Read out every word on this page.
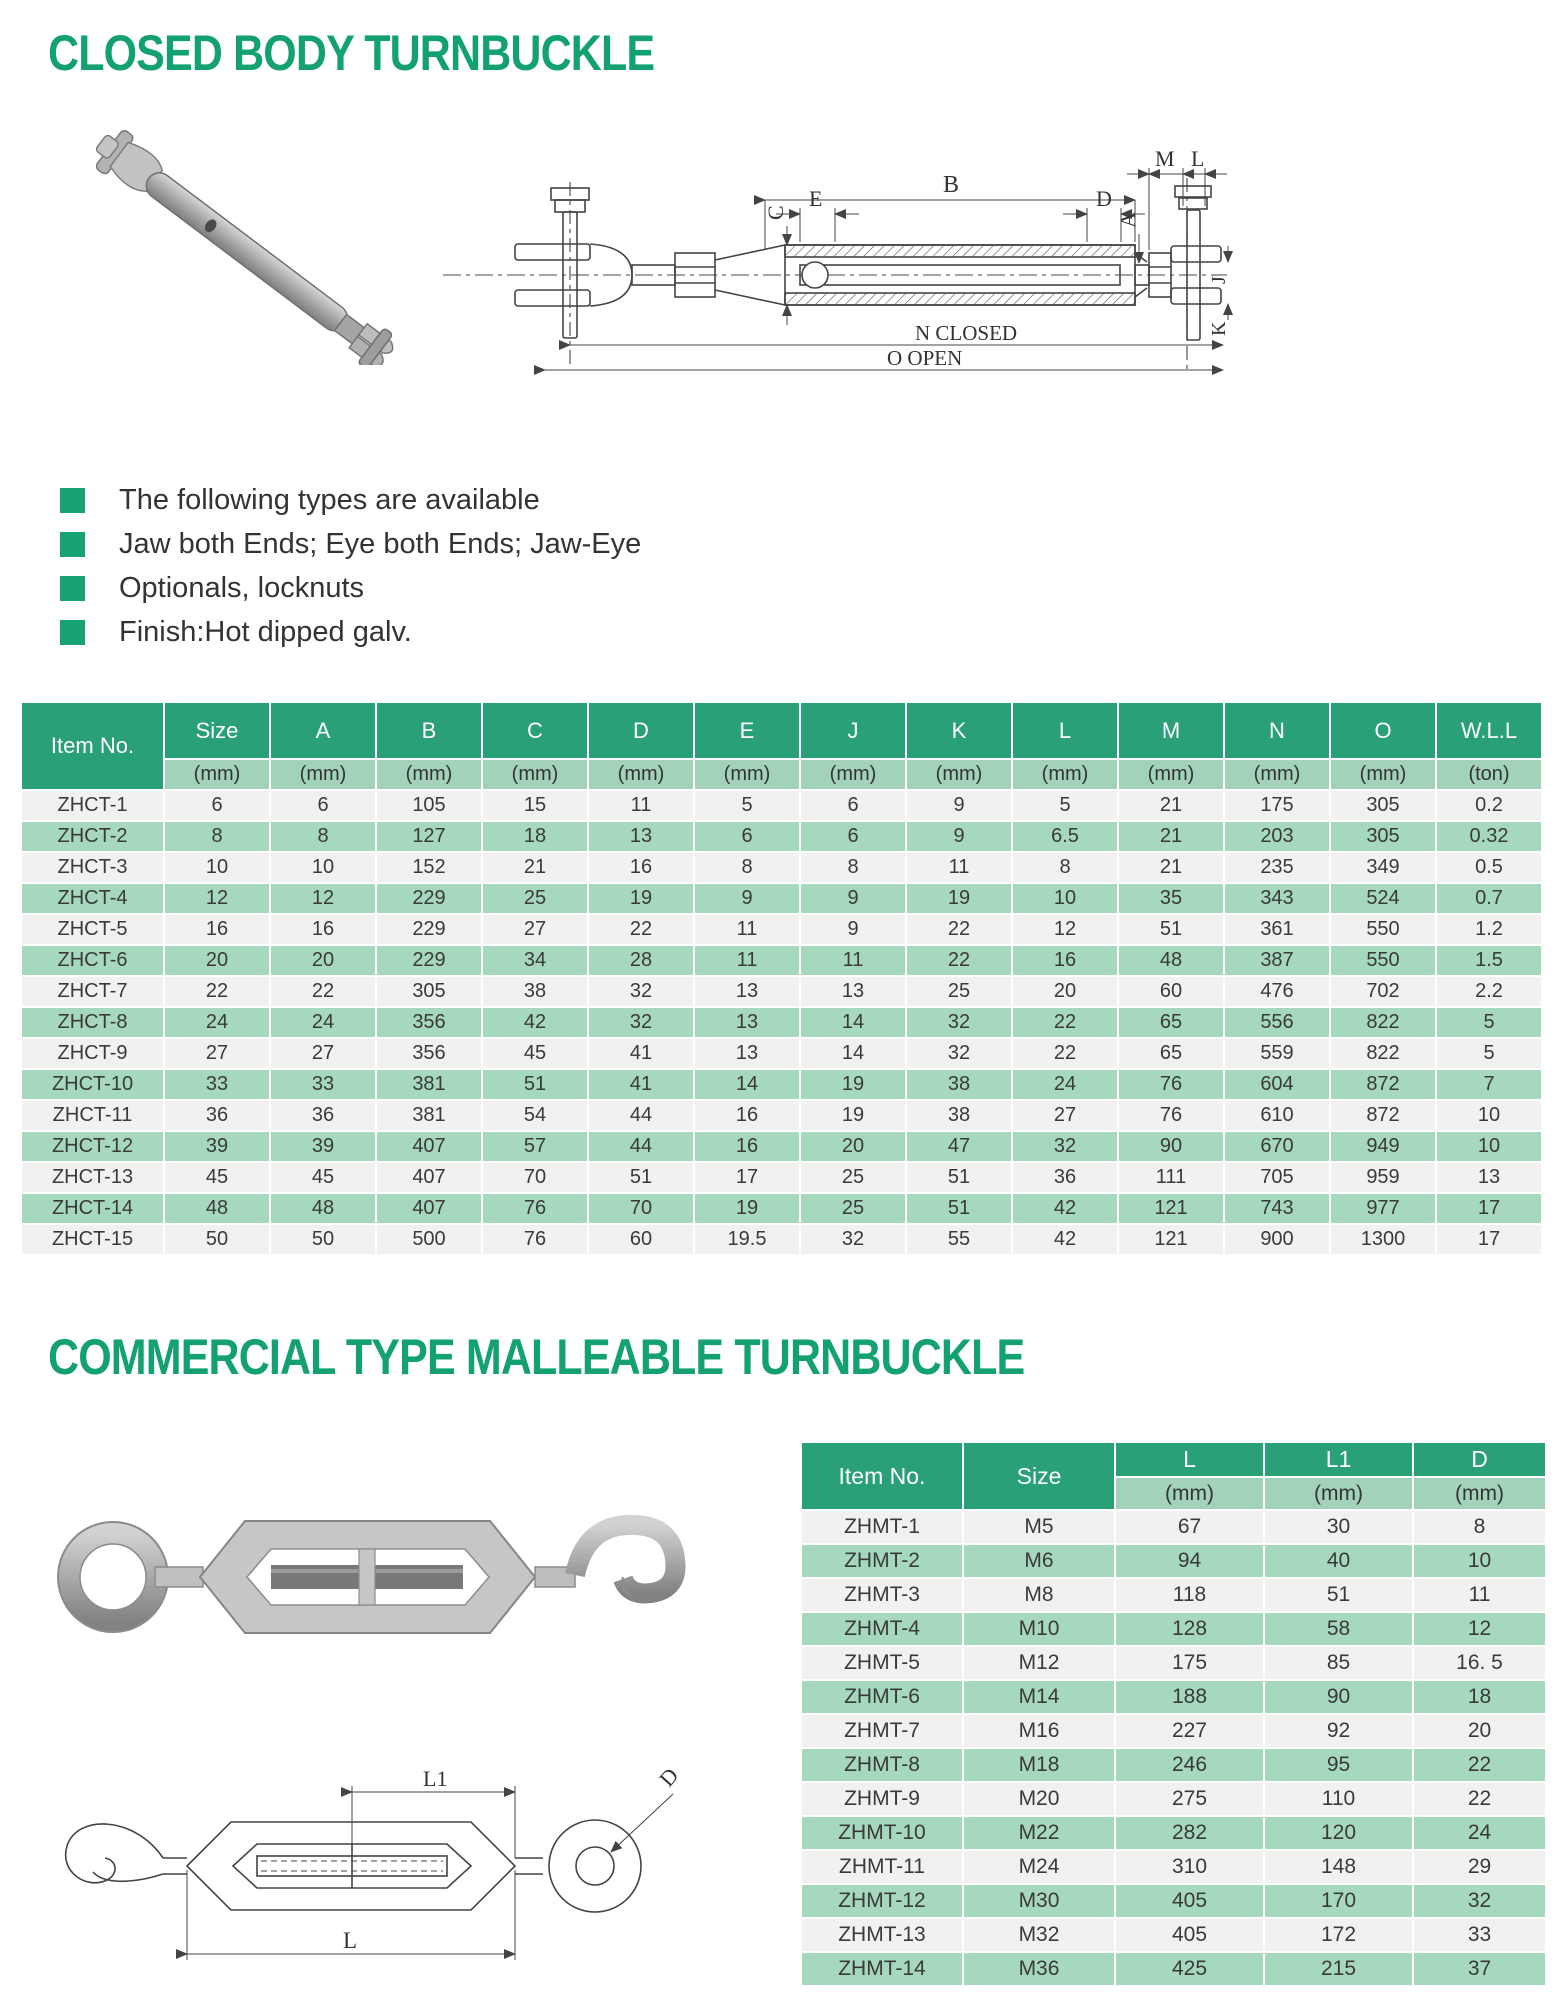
CLOSED BODY TURNBUCKLE
B
C
E	D
A
M L
J
K
N CLOSED
O OPEN
The following types are available
Jaw both Ends; Eye both Ends; Jaw-Eye
Optionals, locknuts
Finish:Hot dipped galv.
Item No.	Size	A	B	C	D	E	J	K	L	M	N	O	W.L.L
	(mm)	(mm)	(mm)	(mm)	(mm)	(mm)	(mm)	(mm)	(mm)	(mm)	(mm)	(mm)	(ton)
ZHCT-1	6	6	105	15	11	5	6	9	5	21	175	305	0.2
ZHCT-2	8	8	127	18	13	6	6	9	6.5	21	203	305	0.32
ZHCT-3	10	10	152	21	16	8	8	11	8	21	235	349	0.5
ZHCT-4	12	12	229	25	19	9	9	19	10	35	343	524	0.7
ZHCT-5	16	16	229	27	22	11	9	22	12	51	361	550	1.2
ZHCT-6	20	20	229	34	28	11	11	22	16	48	387	550	1.5
ZHCT-7	22	22	305	38	32	13	13	25	20	60	476	702	2.2
ZHCT-8	24	24	356	42	32	13	14	32	22	65	556	822	5
ZHCT-9	27	27	356	45	41	13	14	32	22	65	559	822	5
ZHCT-10	33	33	381	51	41	14	19	38	24	76	604	872	7
ZHCT-11	36	36	381	54	44	16	19	38	27	76	610	872	10
ZHCT-12	39	39	407	57	44	16	20	47	32	90	670	949	10
ZHCT-13	45	45	407	70	51	17	25	51	36	111	705	959	13
ZHCT-14	48	48	407	76	70	19	25	51	42	121	743	977	17
ZHCT-15	50	50	500	76	60	19.5	32	55	42	121	900	1300	17
COMMERCIAL TYPE MALLEABLE TURNBUCKLE
L1	D
L
Item No.	Size	L	L1	D
		(mm)	(mm)	(mm)
ZHMT-1	M5	67	30	8
ZHMT-2	M6	94	40	10
ZHMT-3	M8	118	51	11
ZHMT-4	M10	128	58	12
ZHMT-5	M12	175	85	16. 5
ZHMT-6	M14	188	90	18
ZHMT-7	M16	227	92	20
ZHMT-8	M18	246	95	22
ZHMT-9	M20	275	110	22
ZHMT-10	M22	282	120	24
ZHMT-11	M24	310	148	29
ZHMT-12	M30	405	170	32
ZHMT-13	M32	405	172	33
ZHMT-14	M36	425	215	37
